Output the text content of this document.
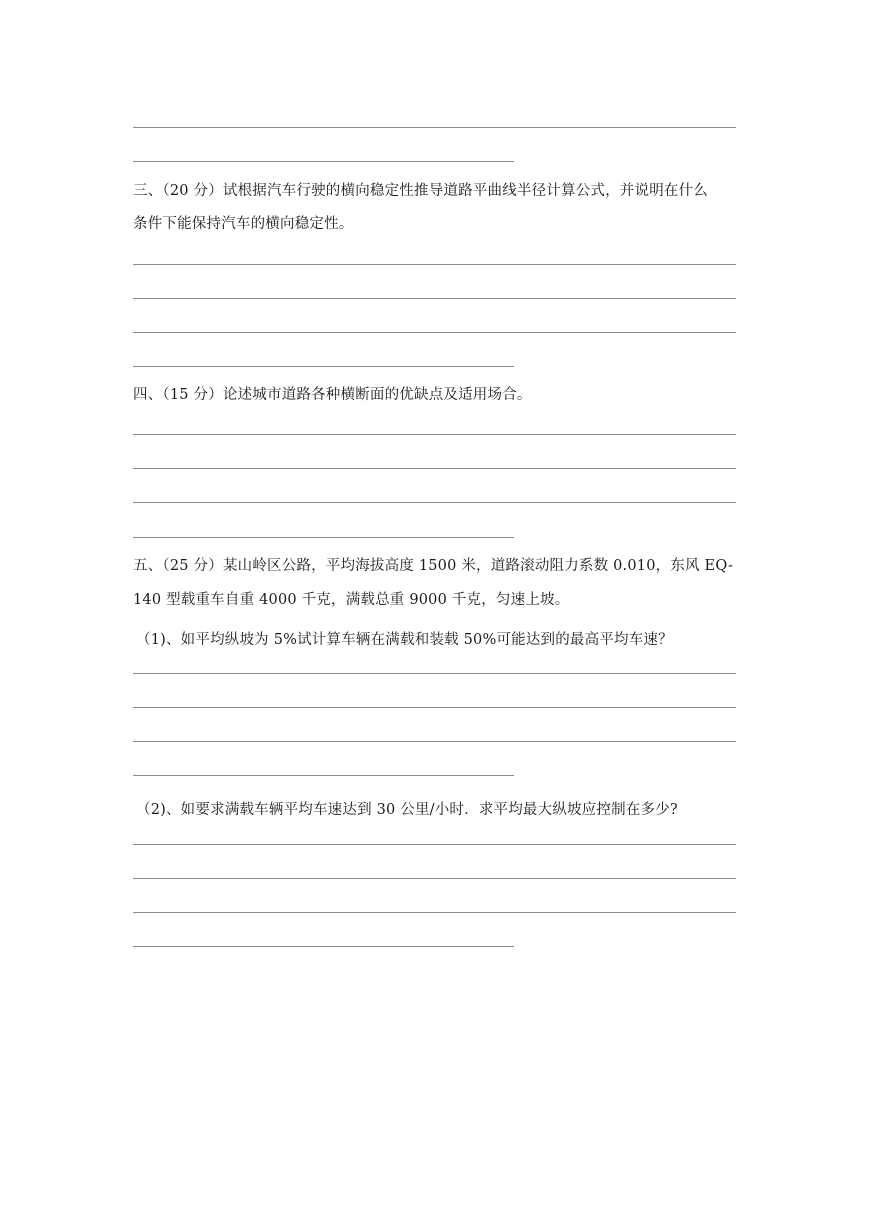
三、（20 分）试根据汽车行驶的横向稳定性推导道路平曲线半径计算公式，并说明在什么
条件下能保持汽车的横向稳定性。
四、（15 分）论述城市道路各种横断面的优缺点及适用场合。
五、（25 分）某山岭区公路，平均海拔高度 1500 米，道路滚动阻力系数 0.010，东风 EQ-
140 型载重车自重 4000 千克，满载总重 9000 千克，匀速上坡。
（1)、如平均纵坡为 5%试计算车辆在满载和装载 50%可能达到的最高平均车速？
（2)、如要求满载车辆平均车速达到 30 公里/小时．求平均最大纵坡应控制在多少?
